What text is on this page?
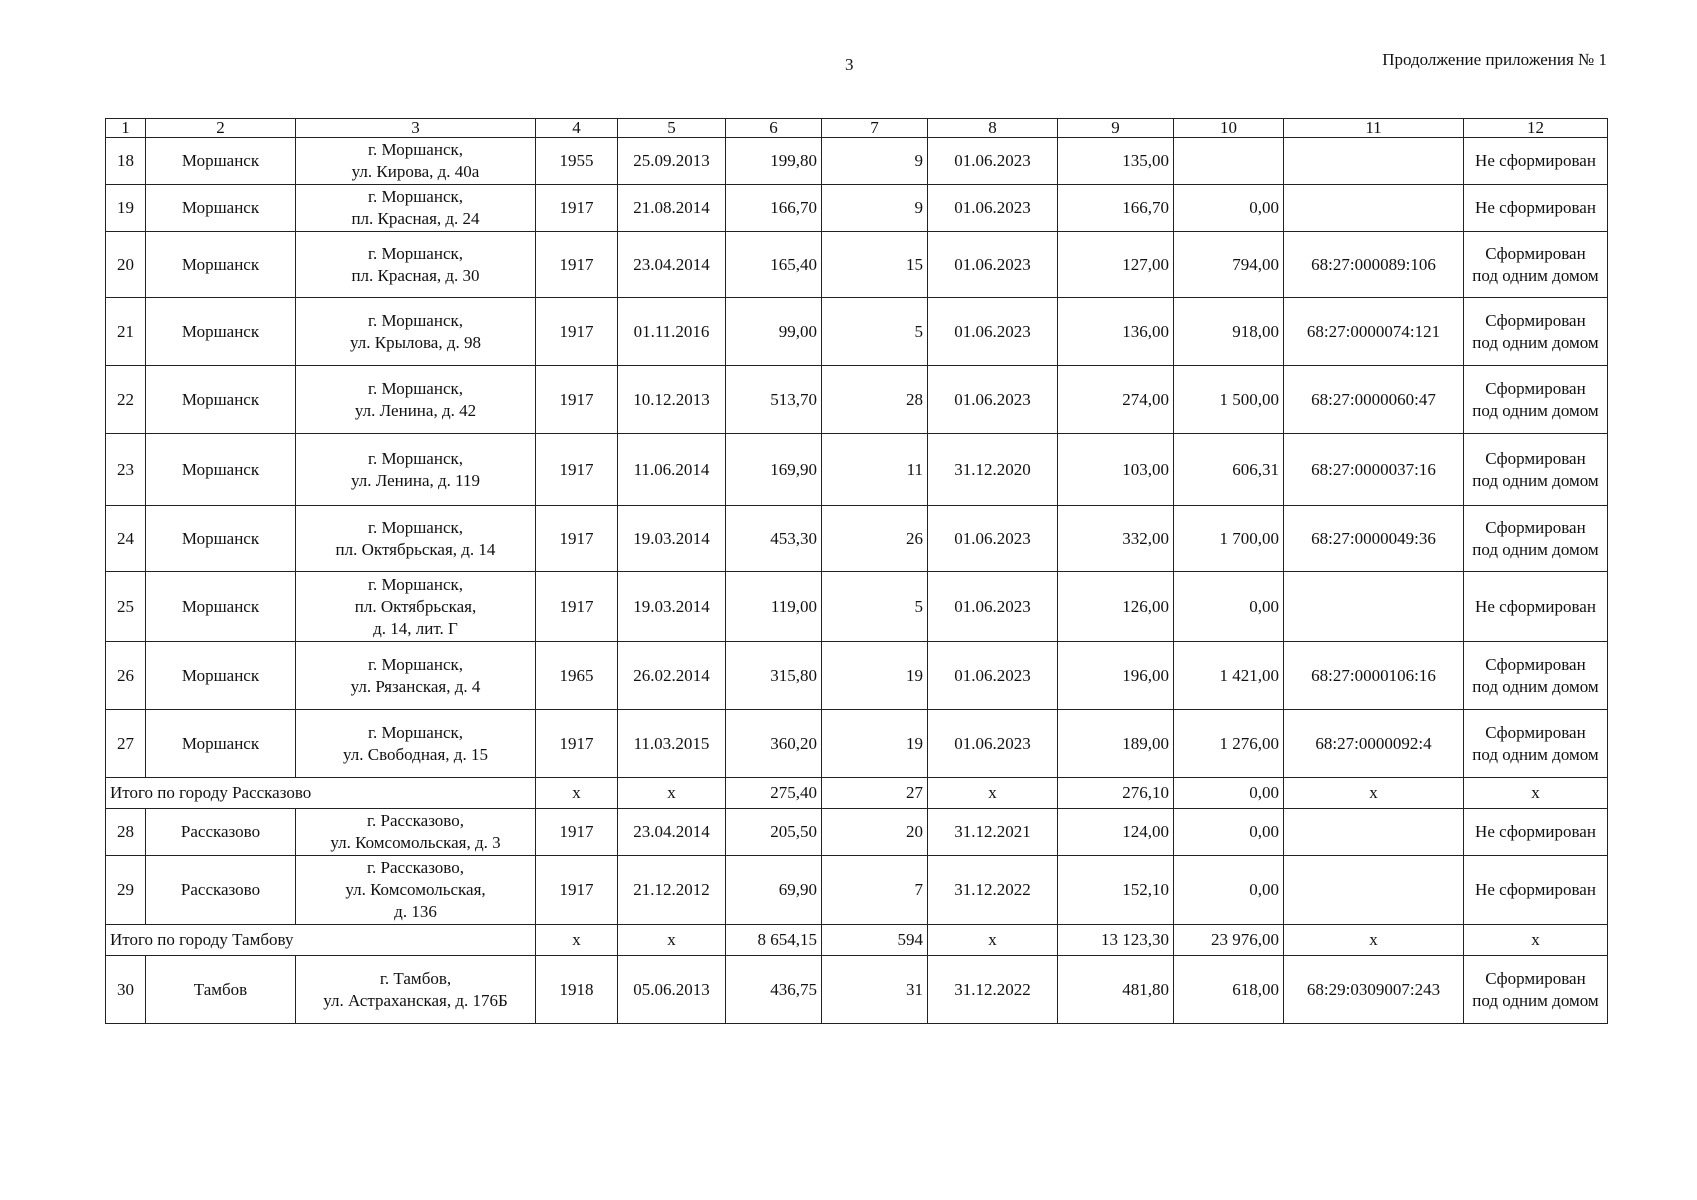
3	Продолжение приложения № 1
1	2	3	4	5	6	7	8	9	10	11	12
18	Моршанск	г. Моршанск,
ул. Кирова, д. 40а	1955	25.09.2013	199,80	9	01.06.2023	135,00			Не сформирован

19	Моршанск	г. Моршанск,
пл. Красная, д. 24	1917	21.08.2014	166,70	9	01.06.2023	166,70	0,00		Не сформирован

20	Моршанск	г. Моршанск,
пл. Красная, д. 30	1917	23.04.2014	165,40	15	01.06.2023	127,00	794,00	68:27:000089:106	Сформирован
под одним домом

21	Моршанск	г. Моршанск,
ул. Крылова, д. 98	1917	01.11.2016	99,00	5	01.06.2023	136,00	918,00	68:27:0000074:121	Сформирован
под одним домом

22	Моршанск	г. Моршанск,
ул. Ленина, д. 42	1917	10.12.2013	513,70	28	01.06.2023	274,00	1 500,00	68:27:0000060:47	Сформирован
под одним домом

23	Моршанск	г. Моршанск,
ул. Ленина, д. 119	1917	11.06.2014	169,90	11	31.12.2020	103,00	606,31	68:27:0000037:16	Сформирован
под одним домом

24	Моршанск	г. Моршанск,
пл. Октябрьская, д. 14	1917	19.03.2014	453,30	26	01.06.2023	332,00	1 700,00	68:27:0000049:36	Сформирован
под одним домом

25	Моршанск	г. Моршанск,
пл. Октябрьская,
д. 14, лит. Г	1917	19.03.2014	119,00	5	01.06.2023	126,00	0,00		Не сформирован

26	Моршанск	г. Моршанск,
ул. Рязанская, д. 4	1965	26.02.2014	315,80	19	01.06.2023	196,00	1 421,00	68:27:0000106:16	Сформирован
под одним домом

27	Моршанск	г. Моршанск,
ул. Свободная, д. 15	1917	11.03.2015	360,20	19	01.06.2023	189,00	1 276,00	68:27:0000092:4	Сформирован
под одним домом

Итого по городу Рассказово			х	х	275,40	27	х	276,10	0,00	х	х
28	Рассказово	г. Рассказово,
ул. Комсомольская, д. 3	1917	23.04.2014	205,50	20	31.12.2021	124,00	0,00		Не сформирован

29	Рассказово	г. Рассказово,
ул. Комсомольская,
д. 136	1917	21.12.2012	69,90	7	31.12.2022	152,10	0,00		Не сформирован

Итого по городу Тамбову			х	х	8 654,15	594	х	13 123,30	23 976,00	х	х
30	Тамбов	г. Тамбов,
ул. Астраханская, д. 176Б	1918	05.06.2013	436,75	31	31.12.2022	481,80	618,00	68:29:0309007:243	Сформирован
под одним домом
